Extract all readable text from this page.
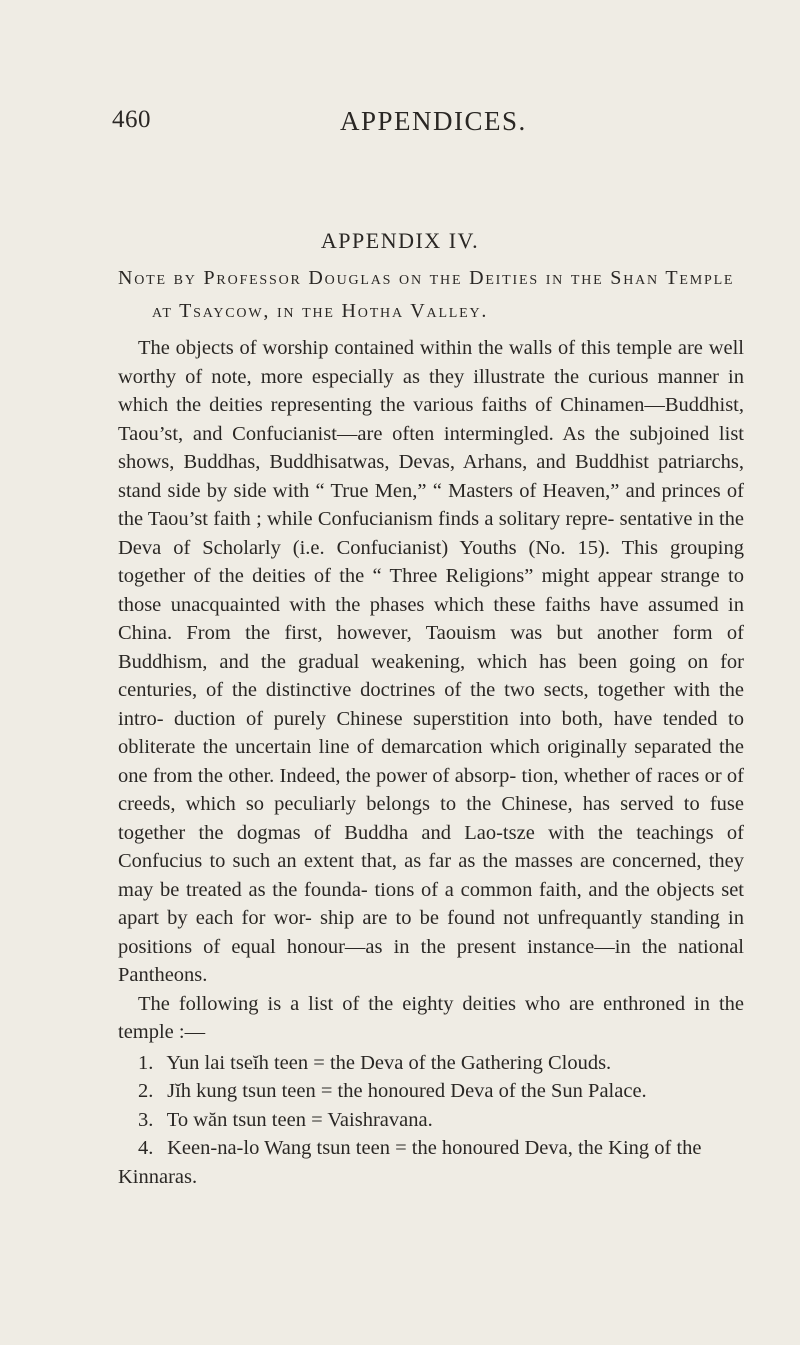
460	APPENDICES.
APPENDIX IV.
Note by Professor Douglas on the Deities in the Shan Temple
at Tsaycow, in the Hotha Valley.

The objects of worship contained within the walls of this temple are well worthy of note, more especially as they illustrate the curious manner in which the deities representing the various faiths of Chinamen—Buddhist, Taou’st, and Confucianist—are often intermingled. As the subjoined list shows, Buddhas, Buddhisatwas, Devas, Arhans, and Buddhist patriarchs, stand side by side with “ True Men,” “ Masters of Heaven,” and princes of the Taou’st faith ; while Confucianism finds a solitary repre- sentative in the Deva of Scholarly (i.e. Confucianist) Youths (No. 15). This grouping together of the deities of the “ Three Religions” might appear strange to those unacquainted with the phases which these faiths have assumed in China. From the first, however, Taouism was but another form of Buddhism, and the gradual weakening, which has been going on for centuries, of the distinctive doctrines of the two sects, together with the intro- duction of purely Chinese superstition into both, have tended to obliterate the uncertain line of demarcation which originally separated the one from the other. Indeed, the power of absorp- tion, whether of races or of creeds, which so peculiarly belongs to the Chinese, has served to fuse together the dogmas of Buddha and Lao-tsze with the teachings of Confucius to such an extent that, as far as the masses are concerned, they may be treated as the founda- tions of a common faith, and the objects set apart by each for wor- ship are to be found not unfrequantly standing in positions of equal honour—as in the present instance—in the national Pantheons.

The following is a list of the eighty deities who are enthroned in the temple :—

1. Yun lai tseĭh teen = the Deva of the Gathering Clouds.
2. Jĭh kung tsun teen = the honoured Deva of the Sun Palace.
3. To wăn tsun teen = Vaishravana.
4. Keen-na-lo Wang tsun teen = the honoured Deva, the King of the Kinnaras.
